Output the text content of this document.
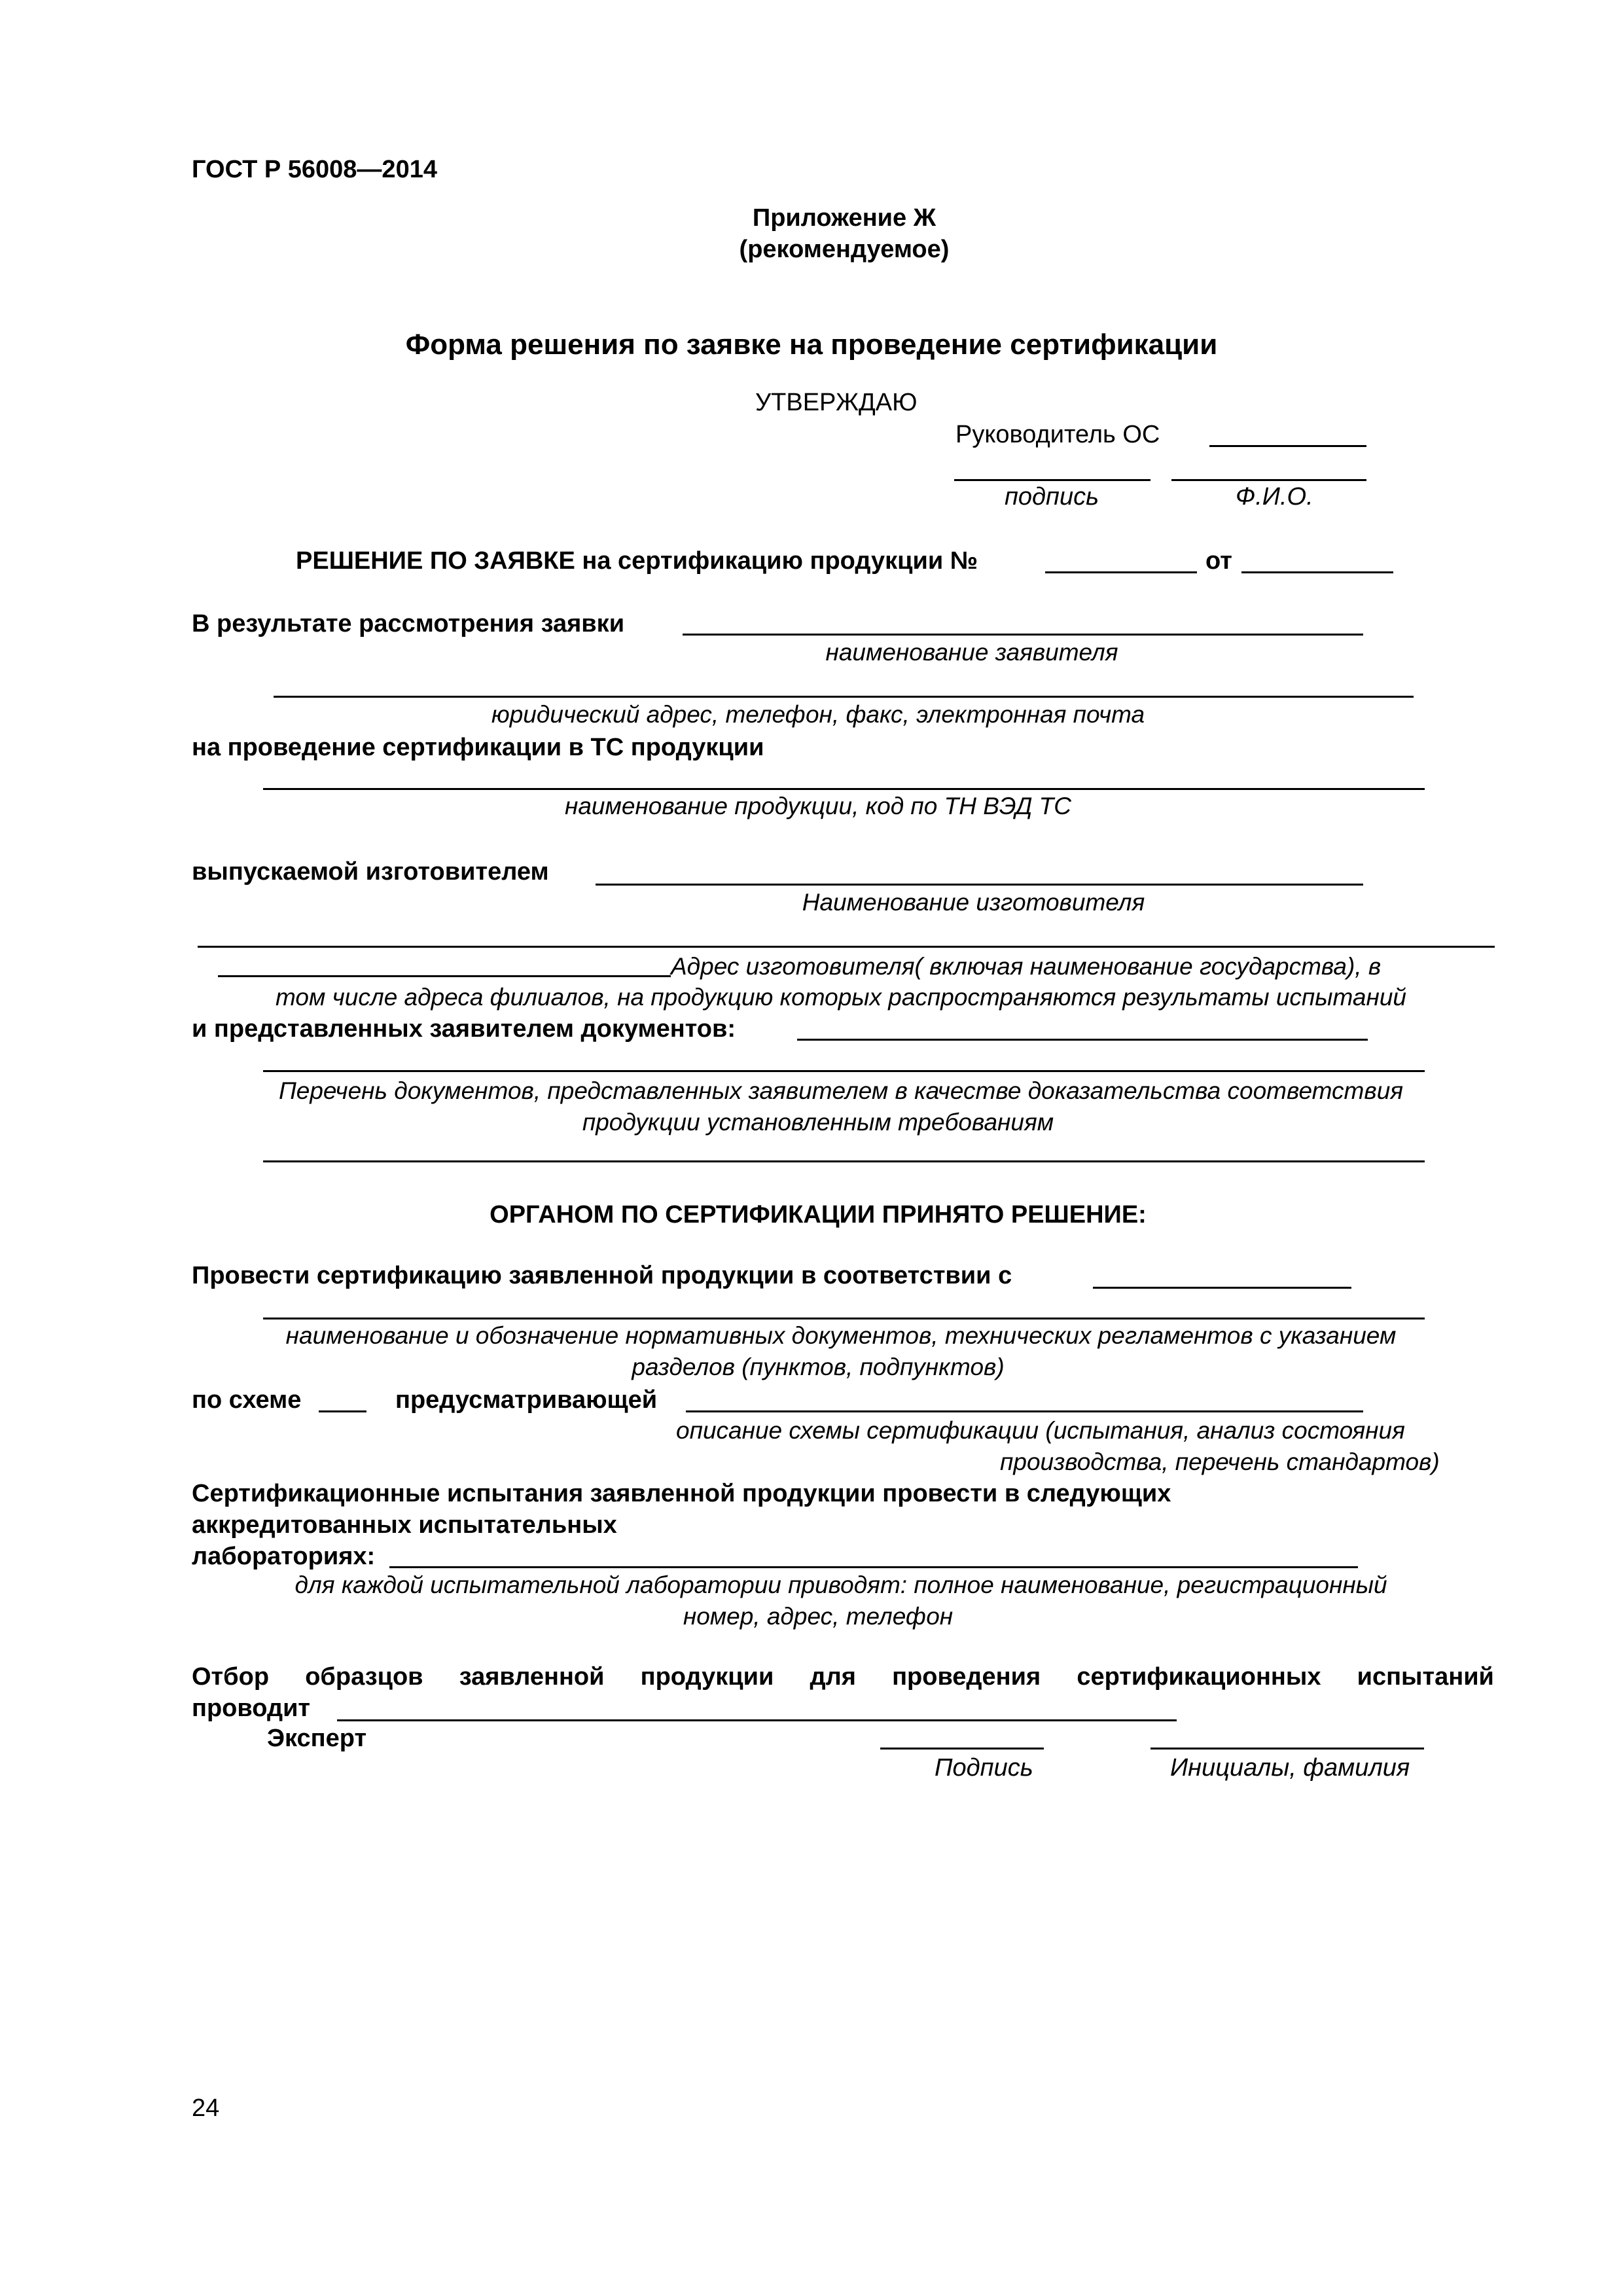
ГОСТ Р 56008—2014
Приложение Ж
(рекомендуемое)
Форма решения по заявке на проведение сертификации
УТВЕРЖДАЮ
Руководитель ОС
подпись	Ф.И.О.
РЕШЕНИЕ ПО ЗАЯВКЕ на сертификацию продукции №	от
В результате рассмотрения заявки
наименование заявителя
юридический адрес, телефон, факс, электронная почта
на проведение сертификации в ТС продукции
наименование продукции, код по ТН ВЭД ТС
выпускаемой изготовителем
Наименование изготовителя
Адрес изготовителя( включая наименование государства), в
том числе адреса филиалов, на продукцию которых распространяются результаты испытаний
и представленных заявителем документов:
Перечень документов, представленных заявителем в качестве доказательства соответствия
продукции установленным требованиям
ОРГАНОМ ПО СЕРТИФИКАЦИИ ПРИНЯТО РЕШЕНИЕ:
Провести сертификацию заявленной продукции в соответствии с
наименование и обозначение нормативных документов, технических регламентов с указанием
разделов (пунктов, подпунктов)
по схеме	предусматривающей
описание схемы сертификации (испытания, анализ состояния
производства, перечень стандартов)
Сертификационные испытания заявленной продукции провести в следующих
аккредитованных испытательных
лабораториях:
для каждой испытательной лаборатории приводят: полное наименование, регистрационный
номер, адрес, телефон
Отбор образцов заявленной продукции для проведения сертификационных испытаний
проводит
Эксперт
Подпись	Инициалы, фамилия
24
